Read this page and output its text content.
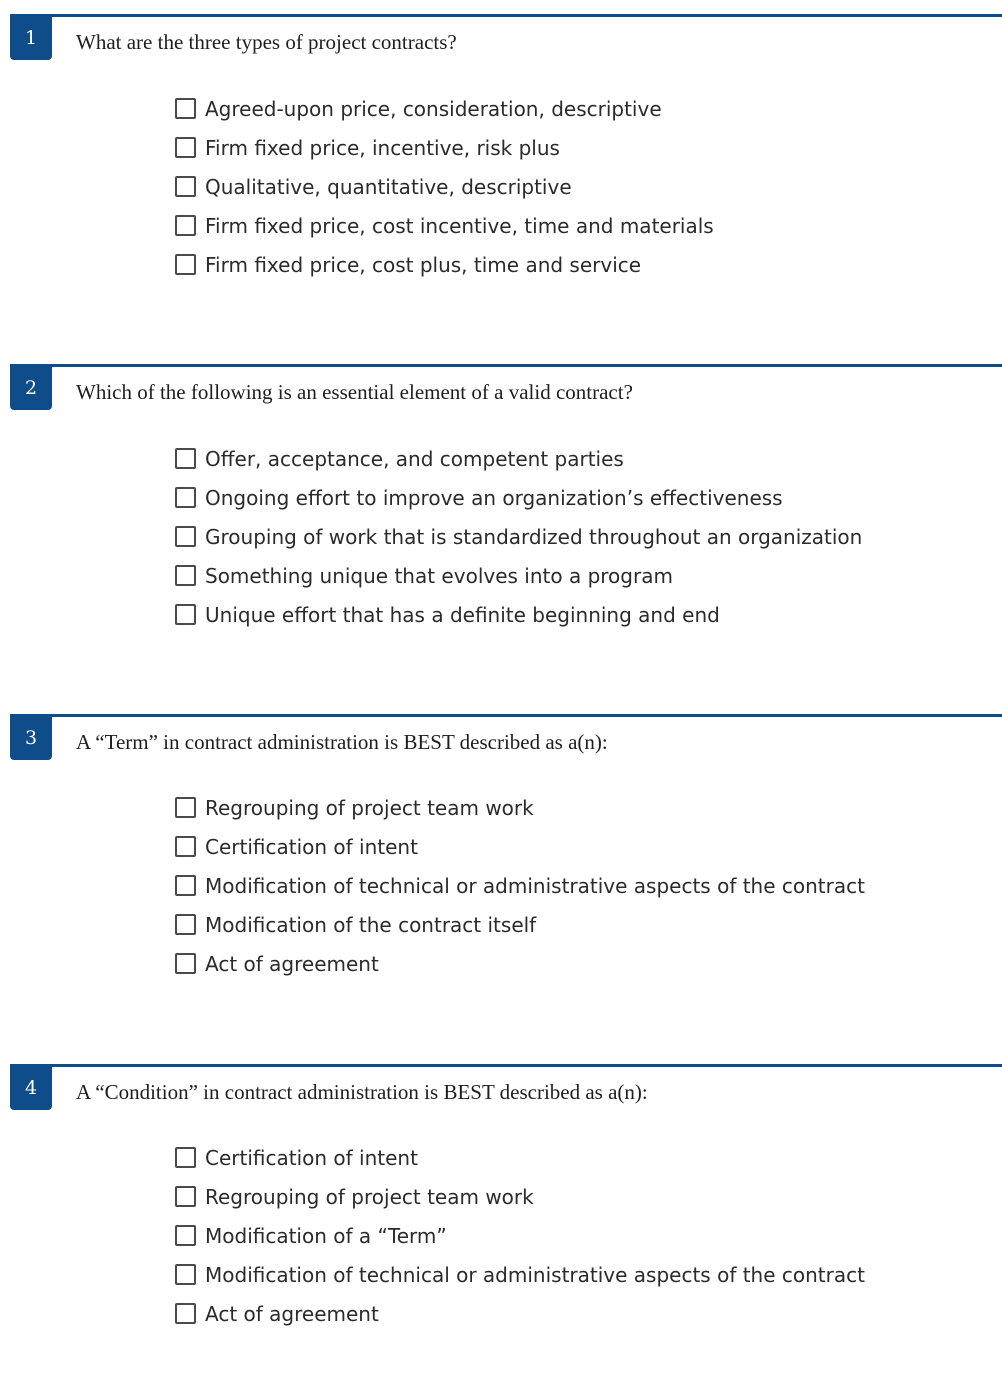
1	What are the three types of project contracts?
Agreed-upon price, consideration, descriptive
Firm fixed price, incentive, risk plus
Qualitative, quantitative, descriptive
Firm fixed price, cost incentive, time and materials
Firm fixed price, cost plus, time and service
2	Which of the following is an essential element of a valid contract?
Offer, acceptance, and competent parties
Ongoing effort to improve an organization’s effectiveness
Grouping of work that is standardized throughout an organization
Something unique that evolves into a program
Unique effort that has a definite beginning and end
3	A “Term” in contract administration is BEST described as a(n):
Regrouping of project team work
Certification of intent
Modification of technical or administrative aspects of the contract
Modification of the contract itself
Act of agreement
4	A “Condition” in contract administration is BEST described as a(n):
Certification of intent
Regrouping of project team work
Modification of a “Term”
Modification of technical or administrative aspects of the contract
Act of agreement
